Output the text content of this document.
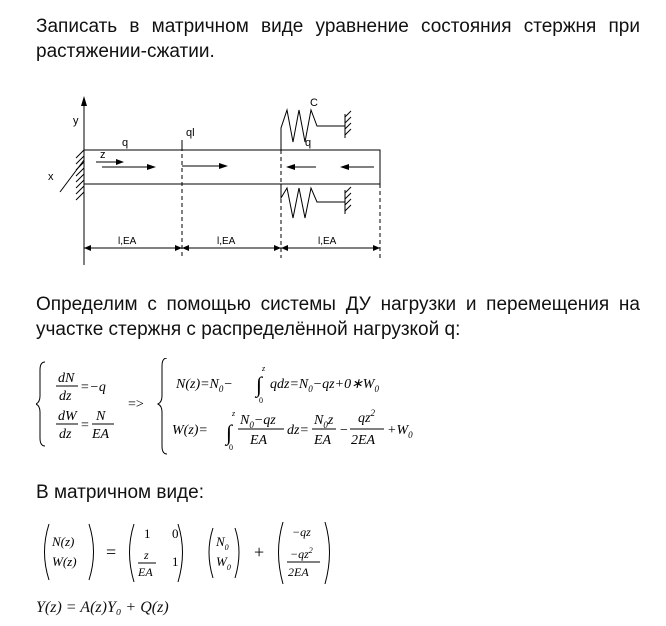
Записать в матричном виде уравнение состояния стержня при растяжении-сжатии.

y
x
z
q
ql
q
C
l,EA	l,EA	l,EA

Определим с помощью системы ДУ нагрузки и перемещения на участке стержня с распределённой нагрузкой q:

dN
dz
=−q
dW
dz
=
N
EA
=>
$N(z)=N_0-$ ∫
z
0
$qdz=N_0-qz+0∗W_0$
W(z)= ∫
z
0
$N_0-qz$
EA
dz=
$N_0z$
EA
−
$qz^2$
2EA
$+W_0$

В матричном виде:

N(z)
W(z) =
1 0
z
EA
1
$N_0$
$W_0$
+
−qz
$-qz^2$
2EA

Y(z) = A(z)Y₀ + Q(z)
